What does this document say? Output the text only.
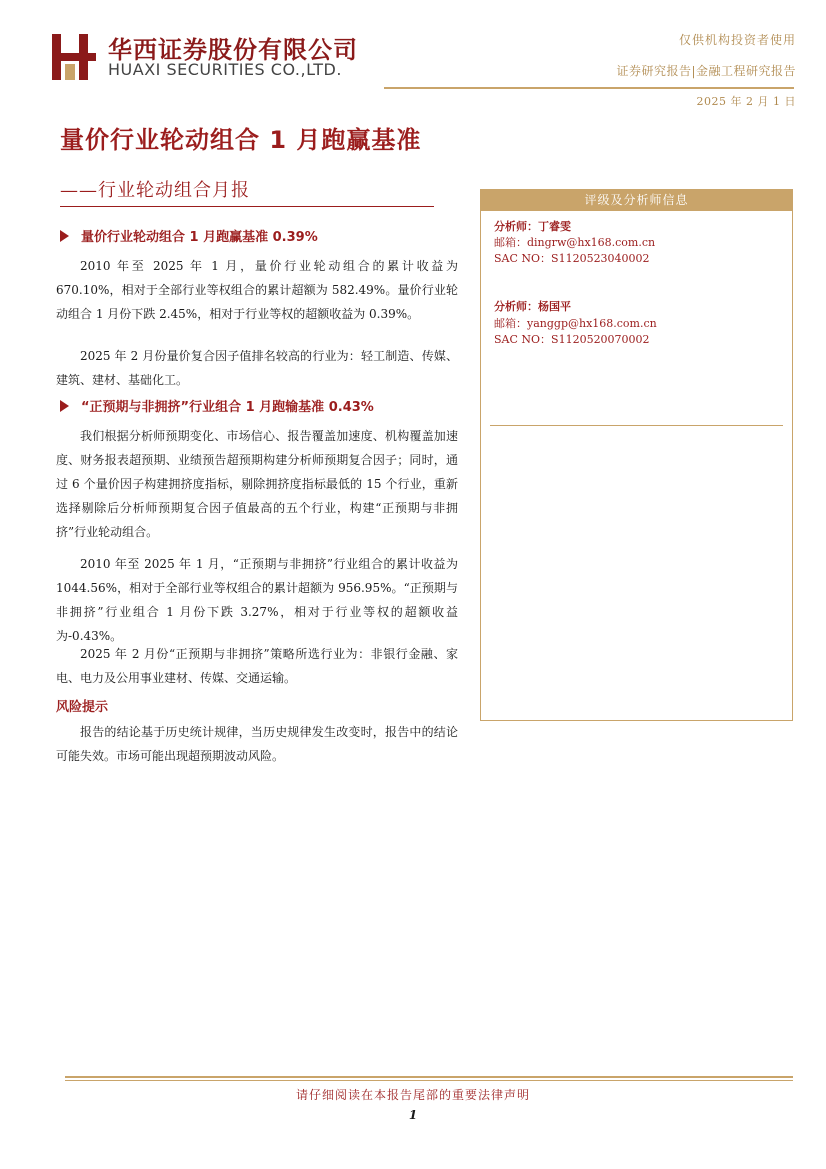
华西证券股份有限公司
HUAXI SECURITIES CO.,LTD.
仅供机构投资者使用
证券研究报告|金融工程研究报告
2025 年 2 月 1 日
量价行业轮动组合 1 月跑赢基准
——行业轮动组合月报	评级及分析师信息
分析师：丁睿雯
邮箱：dingrw@hx168.com.cn
SAC NO：S1120523040002
分析师：杨国平
邮箱：yanggp@hx168.com.cn
SAC NO：S1120520070002
量价行业轮动组合 1 月跑赢基准 0.39%
2010 年至 2025 年 1 月，量价行业轮动组合的累计收益为 670.10%，相对于全部行业等权组合的累计超额为 582.49%。量价行业轮动组合 1 月份下跌 2.45%，相对于行业等权的超额收益为 0.39%。
2025 年 2 月份量价复合因子值排名较高的行业为：轻工制造、传媒、建筑、建材、基础化工。
“正预期与非拥挤”行业组合 1 月跑输基准 0.43%
我们根据分析师预期变化、市场信心、报告覆盖加速度、机构覆盖加速度、财务报表超预期、业绩预告超预期构建分析师预期复合因子；同时，通过 6 个量价因子构建拥挤度指标，剔除拥挤度指标最低的 15 个行业，重新选择剔除后分析师预期复合因子值最高的五个行业，构建“正预期与非拥挤”行业轮动组合。
2010 年至 2025 年 1 月，“正预期与非拥挤”行业组合的累计收益为 1044.56%，相对于全部行业等权组合的累计超额为 956.95%。“正预期与非拥挤”行业组合 1 月份下跌 3.27%，相对于行业等权的超额收益为-0.43%。
2025 年 2 月份“正预期与非拥挤”策略所选行业为：非银行金融、家电、电力及公用事业建材、传媒、交通运输。
风险提示
报告的结论基于历史统计规律，当历史规律发生改变时，报告中的结论可能失效。市场可能出现超预期波动风险。
请仔细阅读在本报告尾部的重要法律声明
1
